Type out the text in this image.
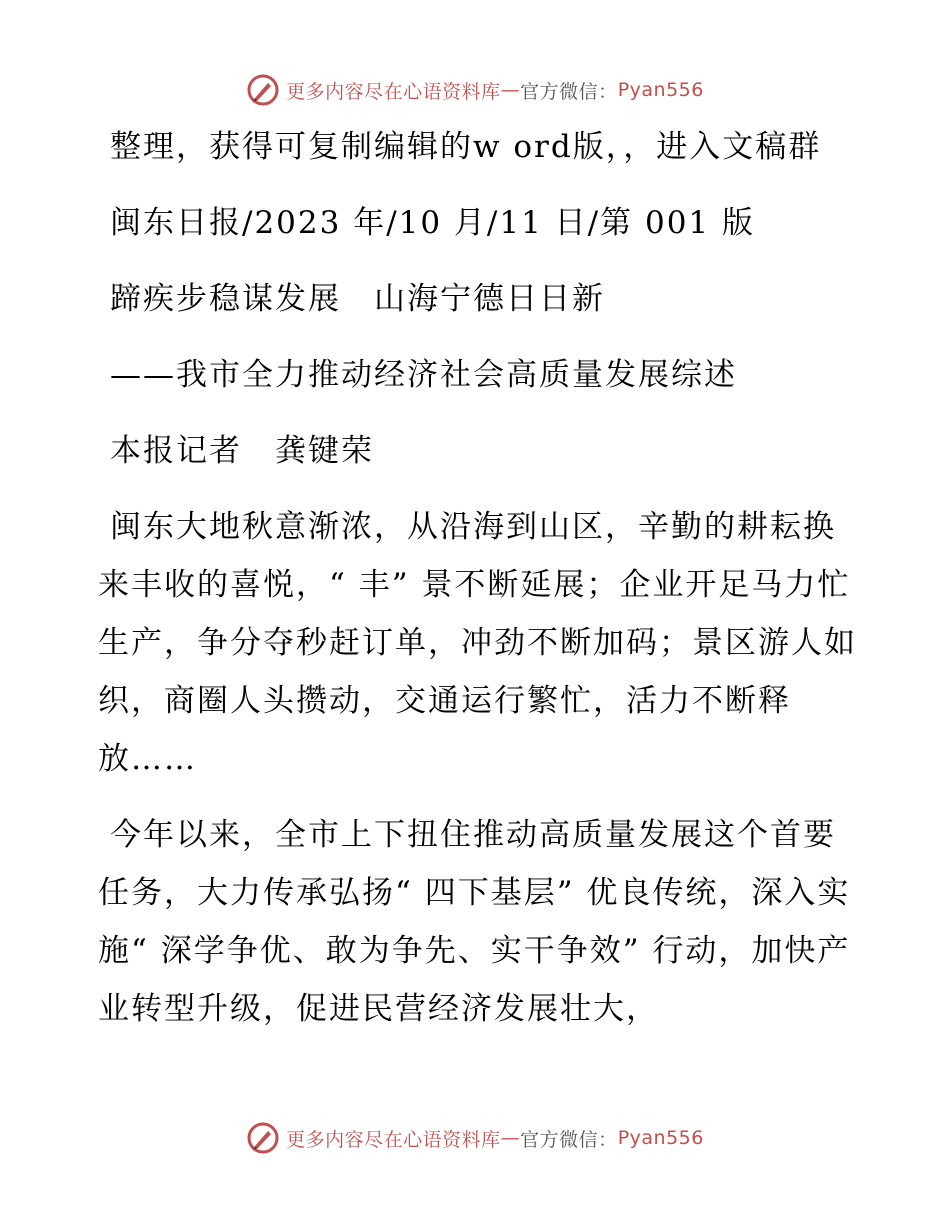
更多内容尽在心语资料库 — 官方微信： Pyan556

整理，获得可复制编辑的w ord版，，进入文稿群

闽东日报/2023 年/10 月/11 日/第 001 版

蹄疾步稳谋发展　山海宁德日日新

——我市全力推动经济社会高质量发展综述

本报记者　龚键荣

闽东大地秋意渐浓，从沿海到山区，辛勤的耕耘换来丰收的喜悦，“ 丰” 景不断延展；企业开足马力忙生产，争分夺秒赶订单，冲劲不断加码；景区游人如织，商圈人头攒动，交通运行繁忙，活力不断释放……

今年以来，全市上下扭住推动高质量发展这个首要任务，大力传承弘扬“ 四下基层” 优良传统，深入实施“ 深学争优、敢为争先、实干争效” 行动，加快产业转型升级，促进民营经济发展壮大，

更多内容尽在心语资料库 — 官方微信： Pyan556
